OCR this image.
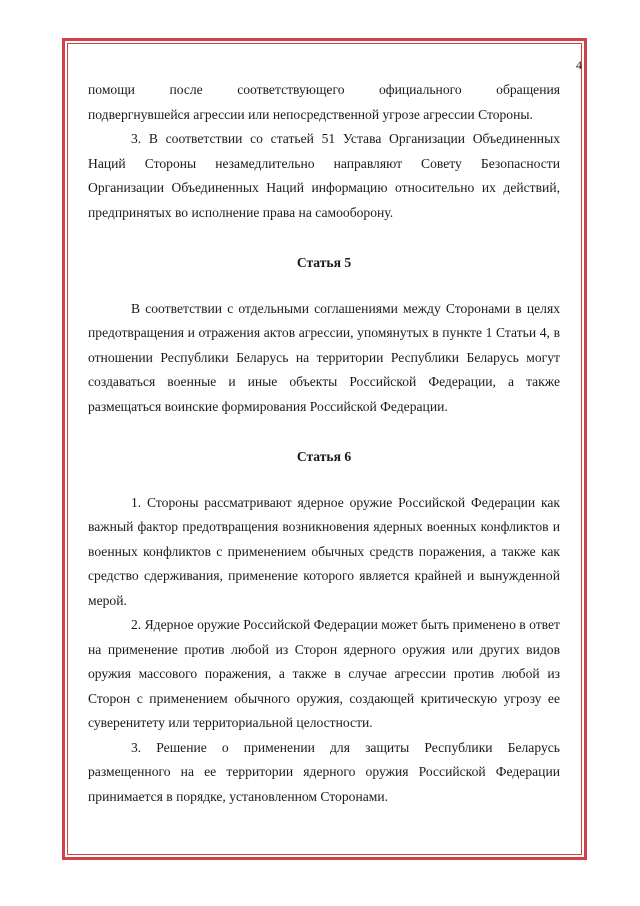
4

помощи после соответствующего официального обращения

подвергнувшейся агрессии или непосредственной угрозе агрессии Стороны.

3. В соответствии со статьей 51 Устава Организации Объединенных Наций Стороны незамедлительно направляют Совету Безопасности Организации Объединенных Наций информацию относительно их действий, предпринятых во исполнение права на самооборону.

Статья 5

В соответствии с отдельными соглашениями между Сторонами в целях предотвращения и отражения актов агрессии, упомянутых в пункте 1 Статьи 4, в отношении Республики Беларусь на территории Республики Беларусь могут создаваться военные и иные объекты Российской Федерации, а также размещаться воинские формирования Российской Федерации.

Статья 6

1. Стороны рассматривают ядерное оружие Российской Федерации как важный фактор предотвращения возникновения ядерных военных конфликтов и военных конфликтов с применением обычных средств поражения, а также как средство сдерживания, применение которого является крайней и вынужденной мерой.

2. Ядерное оружие Российской Федерации может быть применено в ответ на применение против любой из Сторон ядерного оружия или других видов оружия массового поражения, а также в случае агрессии против любой из Сторон с применением обычного оружия, создающей критическую угрозу ее суверенитету или территориальной целостности.

3. Решение о применении для защиты Республики Беларусь размещенного на ее территории ядерного оружия Российской Федерации принимается в порядке, установленном Сторонами.
